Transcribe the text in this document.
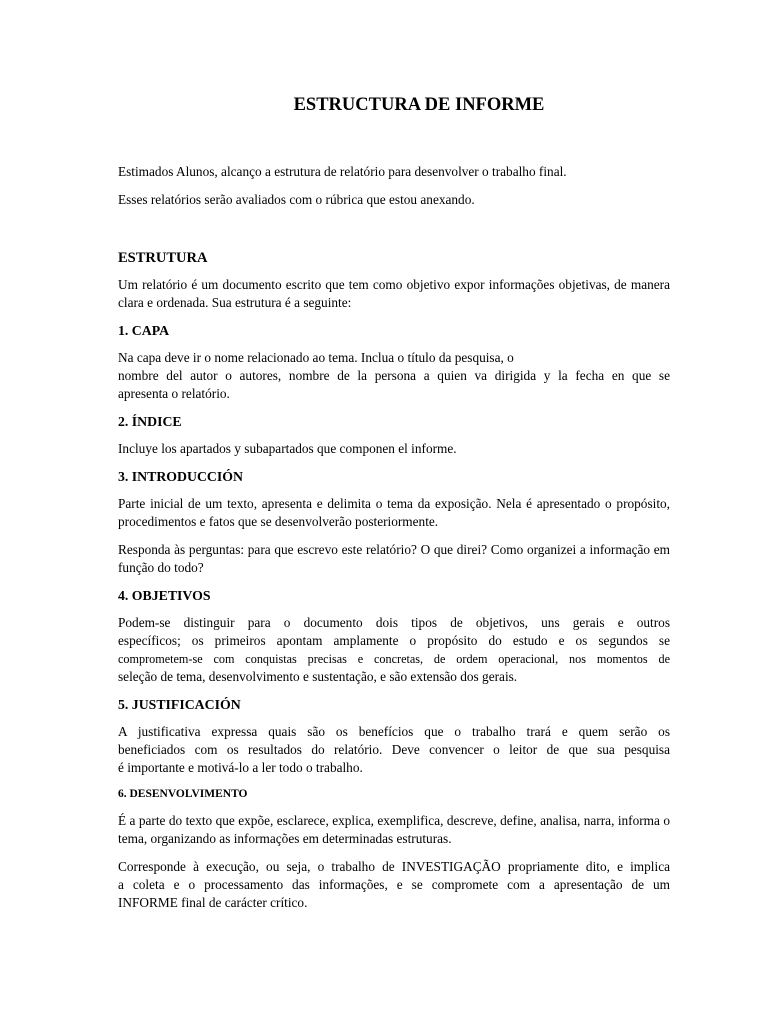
ESTRUCTURA DE INFORME

Estimados Alunos, alcanço a estrutura de relatório para desenvolver o trabalho final.

Esses relatórios serão avaliados com o rúbrica que estou anexando.

ESTRUTURA

Um relatório é um documento escrito que tem como objetivo expor informações objetivas, de manera clara e ordenada. Sua estrutura é a seguinte:

1. CAPA

Na capa deve ir o nome relacionado ao tema. Inclua o título da pesquisa, o
nombre del autor o autores, nombre de la persona a quien va dirigida y la fecha en que se
apresenta o relatório.

2. ÍNDICE

Incluye los apartados y subapartados que componen el informe.

3. INTRODUCCIÓN

Parte inicial de um texto, apresenta e delimita o tema da exposição. Nela é apresentado o propósito, procedimentos e fatos que se desenvolverão posteriormente.

Responda às perguntas: para que escrevo este relatório? O que direi? Como organizei a informação em função do todo?

4. OBJETIVOS

Podem-se distinguir para o documento dois tipos de objetivos, uns gerais e outros
específicos; os primeiros apontam amplamente o propósito do estudo e os segundos se
comprometem-se com conquistas precisas e concretas, de ordem operacional, nos momentos de
seleção de tema, desenvolvimento e sustentação, e são extensão dos gerais.

5. JUSTIFICACIÓN

A justificativa expressa quais são os benefícios que o trabalho trará e quem serão os
beneficiados com os resultados do relatório. Deve convencer o leitor de que sua pesquisa
é importante e motivá-lo a ler todo o trabalho.

6. DESENVOLVIMENTO

É a parte do texto que expõe, esclarece, explica, exemplifica, descreve, define, analisa, narra, informa o tema, organizando as informações em determinadas estruturas.

Corresponde à execução, ou seja, o trabalho de INVESTIGAÇÃO propriamente dito, e implica
a coleta e o processamento das informações, e se compromete com a apresentação de um
INFORME final de carácter crítico.
